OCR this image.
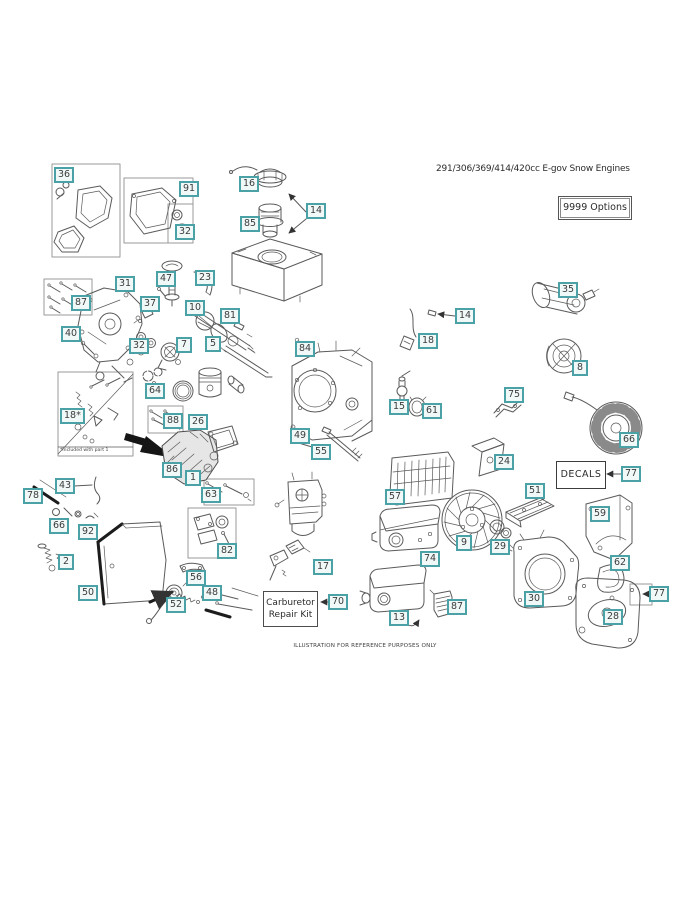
291/306/369/414/420cc E-gov Snow Engines
9999 Options
DECALS
Carburetor
Repair Kit
*Included with part 1
ILLUSTRATION FOR REFERENCE PURPOSES ONLY
36
91
32
16
85
14
31
87
40
47	23
37	10
81
32	7	5
64
18*	88	26
86
1
63
84
49
55
15	61
18
14
35
8
75
66
77
24
51
59
57
9	29
74
30
62
28
77
13
87
78
43
66
92
2
50
52
56
48
82
17
70
